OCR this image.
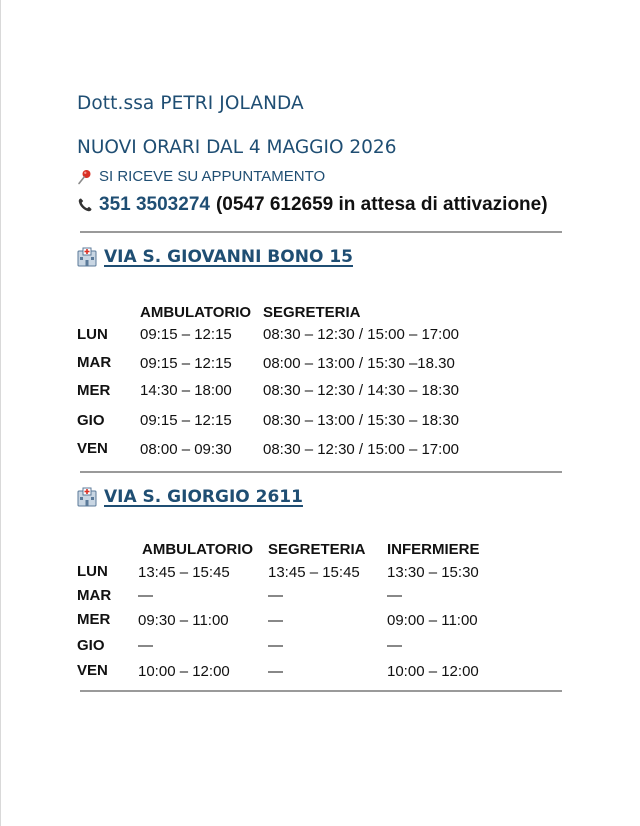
Dott.ssa PETRI JOLANDA
NUOVI ORARI DAL 4 MAGGIO 2026
SI RICEVE SU APPUNTAMENTO
351 3503274 (0547 612659 in attesa di attivazione)
VIA S. GIOVANNI BONO 15
AMBULATORIO SEGRETERIA
LUN 09:15 – 12:15 08:30 – 12:30 / 15:00 – 17:00
MAR 09:15 – 12:15 08:00 – 13:00 / 15:30 –18.30
MER 14:30 – 18:00 08:30 – 12:30 / 14:30 – 18:30
GIO 09:15 – 12:15 08:30 – 13:00 / 15:30 – 18:30
VEN 08:00 – 09:30 08:30 – 12:30 / 15:00 – 17:00
VIA S. GIORGIO 2611
AMBULATORIO SEGRETERIA INFERMIERE
LUN 13:45 – 15:45	13:45 – 15:45 13:30 – 15:30
MAR —	—	—
MER 09:30 – 11:00	—	09:00 – 11:00
GIO —	—	—
VEN 10:00 – 12:00	—	10:00 – 12:00
